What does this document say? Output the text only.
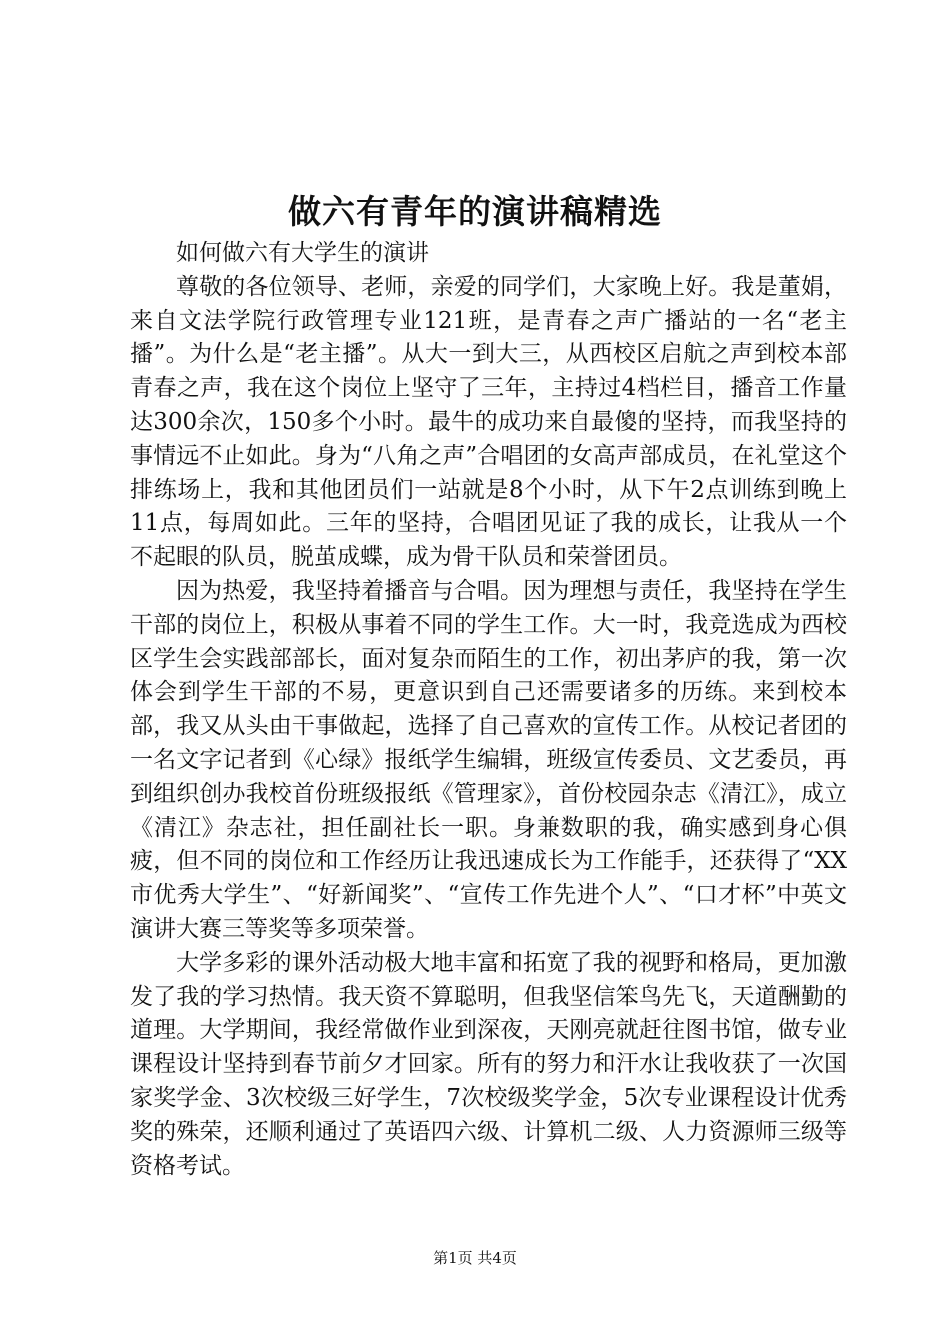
做六有青年的演讲稿精选

如何做六有大学生的演讲

尊敬的各位领导、老师，亲爱的同学们，大家晚上好。我是董娟，来自文法学院行政管理专业121班，是青春之声广播站的一名“老主播”。为什么是“老主播”。从大一到大三，从西校区启航之声到校本部青春之声，我在这个岗位上坚守了三年，主持过4档栏目，播音工作量达300余次，150多个小时。最牛的成功来自最傻的坚持，而我坚持的事情远不止如此。身为“八角之声”合唱团的女高声部成员，在礼堂这个排练场上，我和其他团员们一站就是8个小时，从下午2点训练到晚上11点，每周如此。三年的坚持，合唱团见证了我的成长，让我从一个不起眼的队员，脱茧成蝶，成为骨干队员和荣誉团员。

因为热爱，我坚持着播音与合唱。因为理想与责任，我坚持在学生干部的岗位上，积极从事着不同的学生工作。大一时，我竞选成为西校区学生会实践部部长，面对复杂而陌生的工作，初出茅庐的我，第一次体会到学生干部的不易，更意识到自己还需要诸多的历练。来到校本部，我又从头由干事做起，选择了自己喜欢的宣传工作。从校记者团的一名文字记者到《心绿》报纸学生编辑，班级宣传委员、文艺委员，再到组织创办我校首份班级报纸《管理家》，首份校园杂志《清江》，成立《清江》杂志社，担任副社长一职。身兼数职的我，确实感到身心俱疲，但不同的岗位和工作经历让我迅速成长为工作能手，还获得了“XX市优秀大学生”、“好新闻奖”、“宣传工作先进个人”、“口才杯”中英文演讲大赛三等奖等多项荣誉。

大学多彩的课外活动极大地丰富和拓宽了我的视野和格局，更加激发了我的学习热情。我天资不算聪明，但我坚信笨鸟先飞，天道酬勤的道理。大学期间，我经常做作业到深夜，天刚亮就赶往图书馆，做专业课程设计坚持到春节前夕才回家。所有的努力和汗水让我收获了一次国家奖学金、3次校级三好学生，7次校级奖学金，5次专业课程设计优秀奖的殊荣，还顺利通过了英语四六级、计算机二级、人力资源师三级等资格考试。

第1页 共4页
